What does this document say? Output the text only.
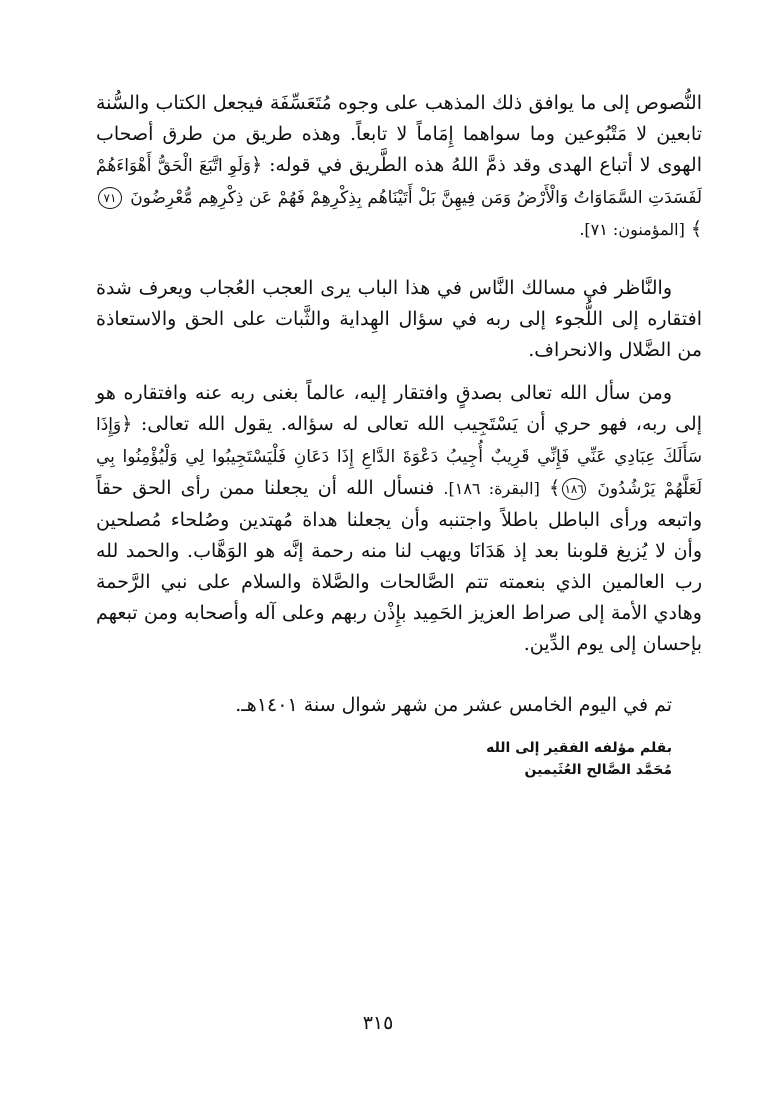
النُّصوص إلى ما يوافق ذلك المذهب على وجوه مُتَعَسِّفَة فيجعل الكتاب والسُّنة تابعين لا مَتْبُوعين وما سواهما إِمَاماً لا تابعاً. وهذه طريق من طرق أصحاب الهوى لا أتباع الهدى وقد ذمَّ اللهُ هذه الطَّريق في قوله: ﴿وَلَوِ اتَّبَعَ الْحَقُّ أَهْوَاءَهُمْ لَفَسَدَتِ السَّمَاوَاتُ وَالْأَرْضُ وَمَن فِيهِنَّ بَلْ أَتَيْنَاهُم بِذِكْرِهِمْ فَهُمْ عَن ذِكْرِهِم مُّعْرِضُونَ ٧١﴾ [المؤمنون: ٧١].

والنَّاظر في مسالك النَّاس في هذا الباب يرى العجب العُجاب ويعرف شدة افتقاره إلى اللُّجوء إلى ربه في سؤال الهِداية والثَّبات على الحق والاستعاذة من الضَّلال والانحراف.

ومن سأل الله تعالى بصدقٍ وافتقار إليه، عالماً بغنى ربه عنه وافتقاره هو إلى ربه، فهو حري أن يَسْتَجِيب الله تعالى له سؤاله. يقول الله تعالى: ﴿وَإِذَا سَأَلَكَ عِبَادِي عَنِّي فَإِنِّي قَرِيبٌ أُجِيبُ دَعْوَةَ الدَّاعِ إِذَا دَعَانِ فَلْيَسْتَجِيبُوا لِي وَلْيُؤْمِنُوا بِي لَعَلَّهُمْ يَرْشُدُونَ ١٨٦﴾ [البقرة: ١٨٦]. فنسأل الله أن يجعلنا ممن رأى الحق حقاً واتبعه ورأى الباطل باطلاً واجتنبه وأن يجعلنا هداة مُهتدين وصُلحاء مُصلحين وأن لا يُزيغ قلوبنا بعد إذ هَدَانَا ويهب لنا منه رحمة إنَّه هو الوَهَّاب. والحمد لله رب العالمين الذي بنعمته تتم الصَّالحات والصَّلاة والسلام على نبي الرَّحمة وهادي الأمة إلى صراط العزيز الحَمِيد بإِذْن ربهم وعلى آله وأصحابه ومن تبعهم بإحسان إلى يوم الدِّين.

تم في اليوم الخامس عشر من شهر شوال سنة ١٤٠١هـ.
بقلم مؤلفه الفقير إلى الله
مُحَمَّد الصَّالح العُثَيمين
٣١٥
